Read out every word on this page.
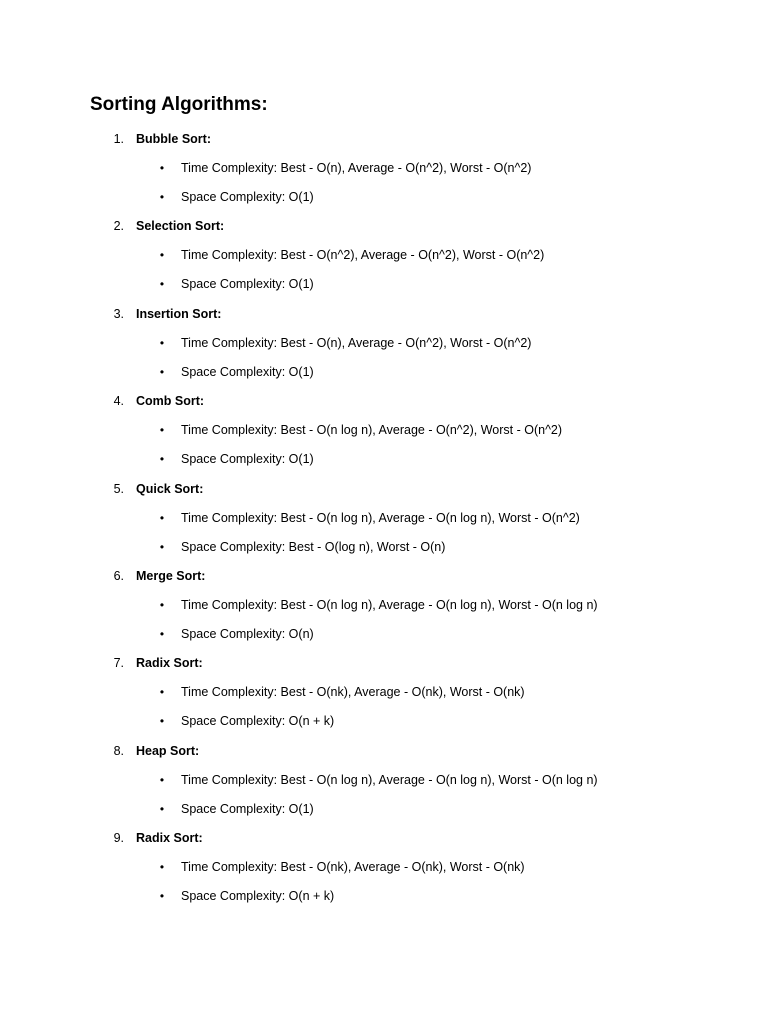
Sorting Algorithms:
1. Bubble Sort:
• Time Complexity: Best - O(n), Average - O(n^2), Worst - O(n^2)
• Space Complexity: O(1)
2. Selection Sort:
• Time Complexity: Best - O(n^2), Average - O(n^2), Worst - O(n^2)
• Space Complexity: O(1)
3. Insertion Sort:
• Time Complexity: Best - O(n), Average - O(n^2), Worst - O(n^2)
• Space Complexity: O(1)
4. Comb Sort:
• Time Complexity: Best - O(n log n), Average - O(n^2), Worst - O(n^2)
• Space Complexity: O(1)
5. Quick Sort:
• Time Complexity: Best - O(n log n), Average - O(n log n), Worst - O(n^2)
• Space Complexity: Best - O(log n), Worst - O(n)
6. Merge Sort:
• Time Complexity: Best - O(n log n), Average - O(n log n), Worst - O(n log n)
• Space Complexity: O(n)
7. Radix Sort:
• Time Complexity: Best - O(nk), Average - O(nk), Worst - O(nk)
• Space Complexity: O(n + k)
8. Heap Sort:
• Time Complexity: Best - O(n log n), Average - O(n log n), Worst - O(n log n)
• Space Complexity: O(1)
9. Radix Sort:
• Time Complexity: Best - O(nk), Average - O(nk), Worst - O(nk)
• Space Complexity: O(n + k)
